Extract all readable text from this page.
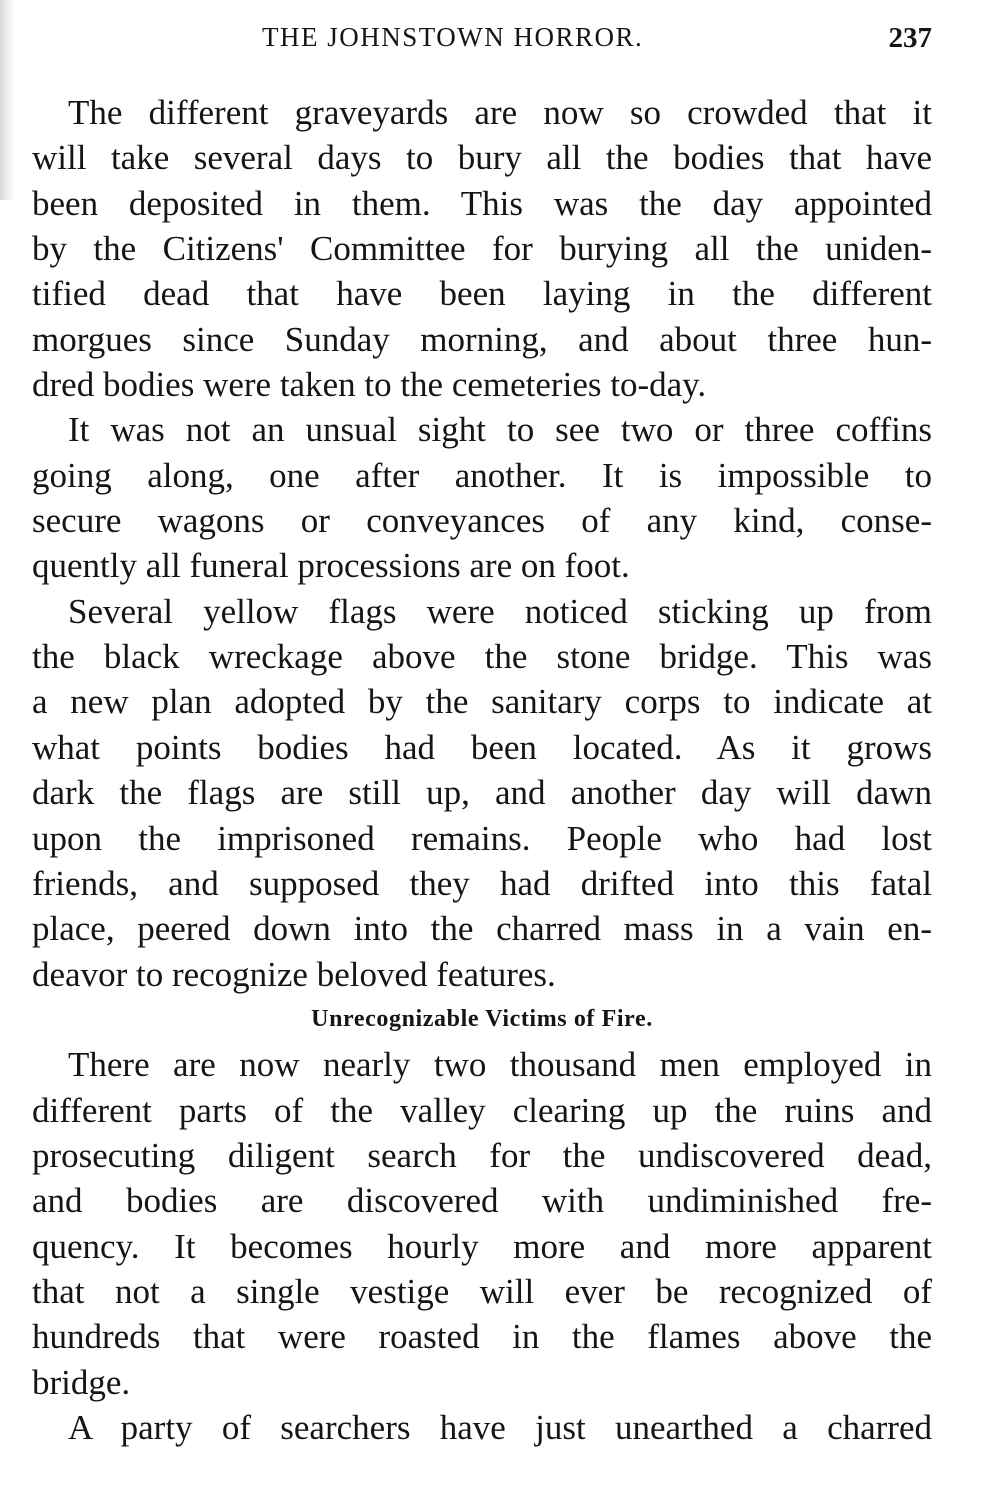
THE JOHNSTOWN HORROR.	237
The different graveyards are now so crowded that it
will take several days to bury all the bodies that have
been deposited in them. This was the day appointed
by the Citizens' Committee for burying all the uniden-
tified dead that have been laying in the different
morgues since Sunday morning, and about three hun-
dred bodies were taken to the cemeteries to-day.
It was not an unsual sight to see two or three coffins
going along, one after another. It is impossible to
secure wagons or conveyances of any kind, conse-
quently all funeral processions are on foot.
Several yellow flags were noticed sticking up from
the black wreckage above the stone bridge. This was
a new plan adopted by the sanitary corps to indicate at
what points bodies had been located. As it grows
dark the flags are still up, and another day will dawn
upon the imprisoned remains. People who had lost
friends, and supposed they had drifted into this fatal
place, peered down into the charred mass in a vain en-
deavor to recognize beloved features.
Unrecognizable Victims of Fire.
There are now nearly two thousand men employed in
different parts of the valley clearing up the ruins and
prosecuting diligent search for the undiscovered dead,
and bodies are discovered with undiminished fre-
quency. It becomes hourly more and more apparent
that not a single vestige will ever be recognized of
hundreds that were roasted in the flames above the
bridge.
A party of searchers have just unearthed a charred
